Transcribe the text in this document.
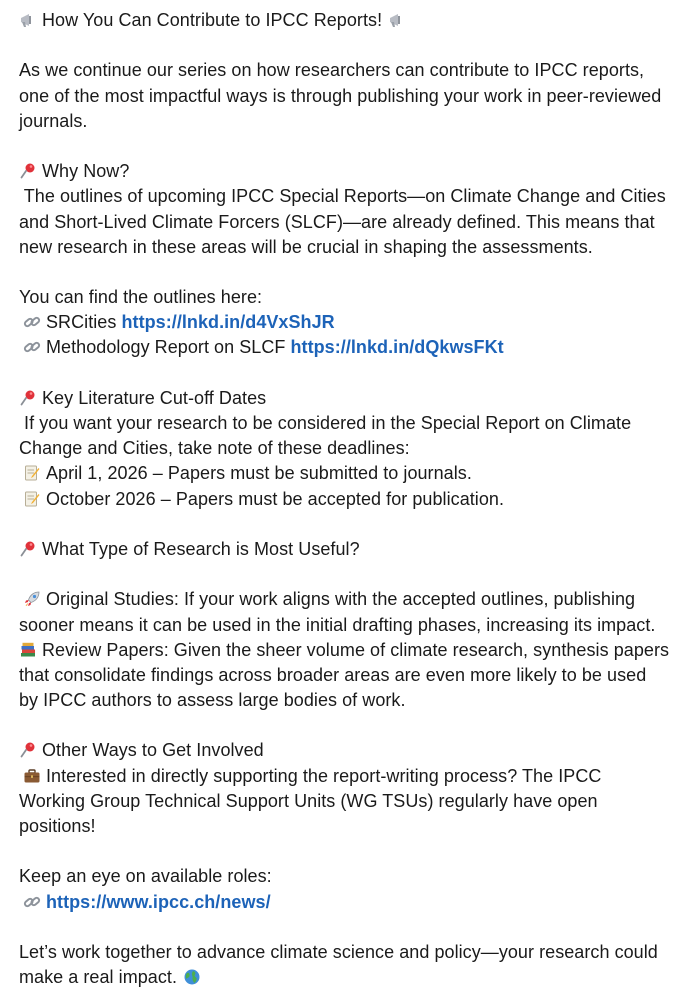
How You Can Contribute to IPCC Reports!
As we continue our series on how researchers can contribute to IPCC reports,
one of the most impactful ways is through publishing your work in peer-reviewed
journals.
Why Now?
The outlines of upcoming IPCC Special Reports—on Climate Change and Cities
and Short-Lived Climate Forcers (SLCF)—are already defined. This means that
new research in these areas will be crucial in shaping the assessments.
You can find the outlines here:
SRCities https://lnkd.in/d4VxShJR
Methodology Report on SLCF https://lnkd.in/dQkwsFKt
Key Literature Cut-off Dates
If you want your research to be considered in the Special Report on Climate
Change and Cities, take note of these deadlines:
April 1, 2026 – Papers must be submitted to journals.
October 2026 – Papers must be accepted for publication.
What Type of Research is Most Useful?
Original Studies: If your work aligns with the accepted outlines, publishing
sooner means it can be used in the initial drafting phases, increasing its impact.
Review Papers: Given the sheer volume of climate research, synthesis papers
that consolidate findings across broader areas are even more likely to be used
by IPCC authors to assess large bodies of work.
Other Ways to Get Involved
Interested in directly supporting the report-writing process? The IPCC
Working Group Technical Support Units (WG TSUs) regularly have open
positions!
Keep an eye on available roles:
https://www.ipcc.ch/news/
Let’s work together to advance climate science and policy—your research could
make a real impact.
